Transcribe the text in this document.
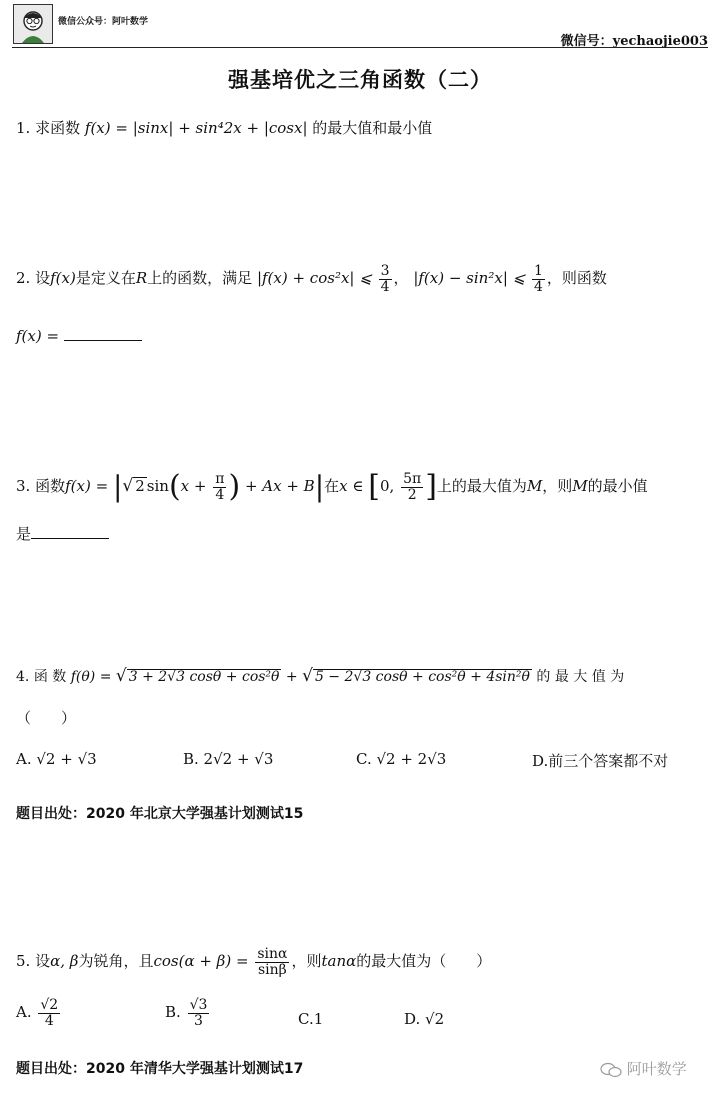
微信公众号：阿叶数学
微信号：yechaojie003
强基培优之三角函数（二）
1. 求函数 f(x) = |sinx| + sin⁴2x + |cosx| 的最大值和最小值
2. 设f(x)是定义在R上的函数，满足 |f(x) + cos²x| ⩽ $\frac{3}{4}$ ， |f(x) − sin²x| ⩽ $\frac{1}{4}$ ，则函数
f(x) =
3. 函数f(x) = |√ 2 $\sin(x + \frac{\pi}{4}$ ) + Ax + B|在x ∈ [0, $\frac{5\pi}{2}$ ]上的最大值为M，则M的最小值
是
4. 函 数 f(θ) = √ 3 + 2√3 cosθ + cos²θ + √ 5 − 2√3 cosθ + cos²θ + 4sin²θ 的 最 大 值 为
（　　）
A. √2 + √3	B. 2√2 + √3	C. √2 + 2√3	D.前三个答案都不对
题目出处：2020 年北京大学强基计划测试15
5. 设α, β为锐角，且$\cos(\alpha + \beta) = \frac{\sin\alpha}{\sin\beta}$ ，则tanα的最大值为（　　）
A. $\frac{√2}{4}$	B. $\frac{√3}{3}$	C.1	D. √2
题目出处：2020 年清华大学强基计划测试17	阿叶数学
